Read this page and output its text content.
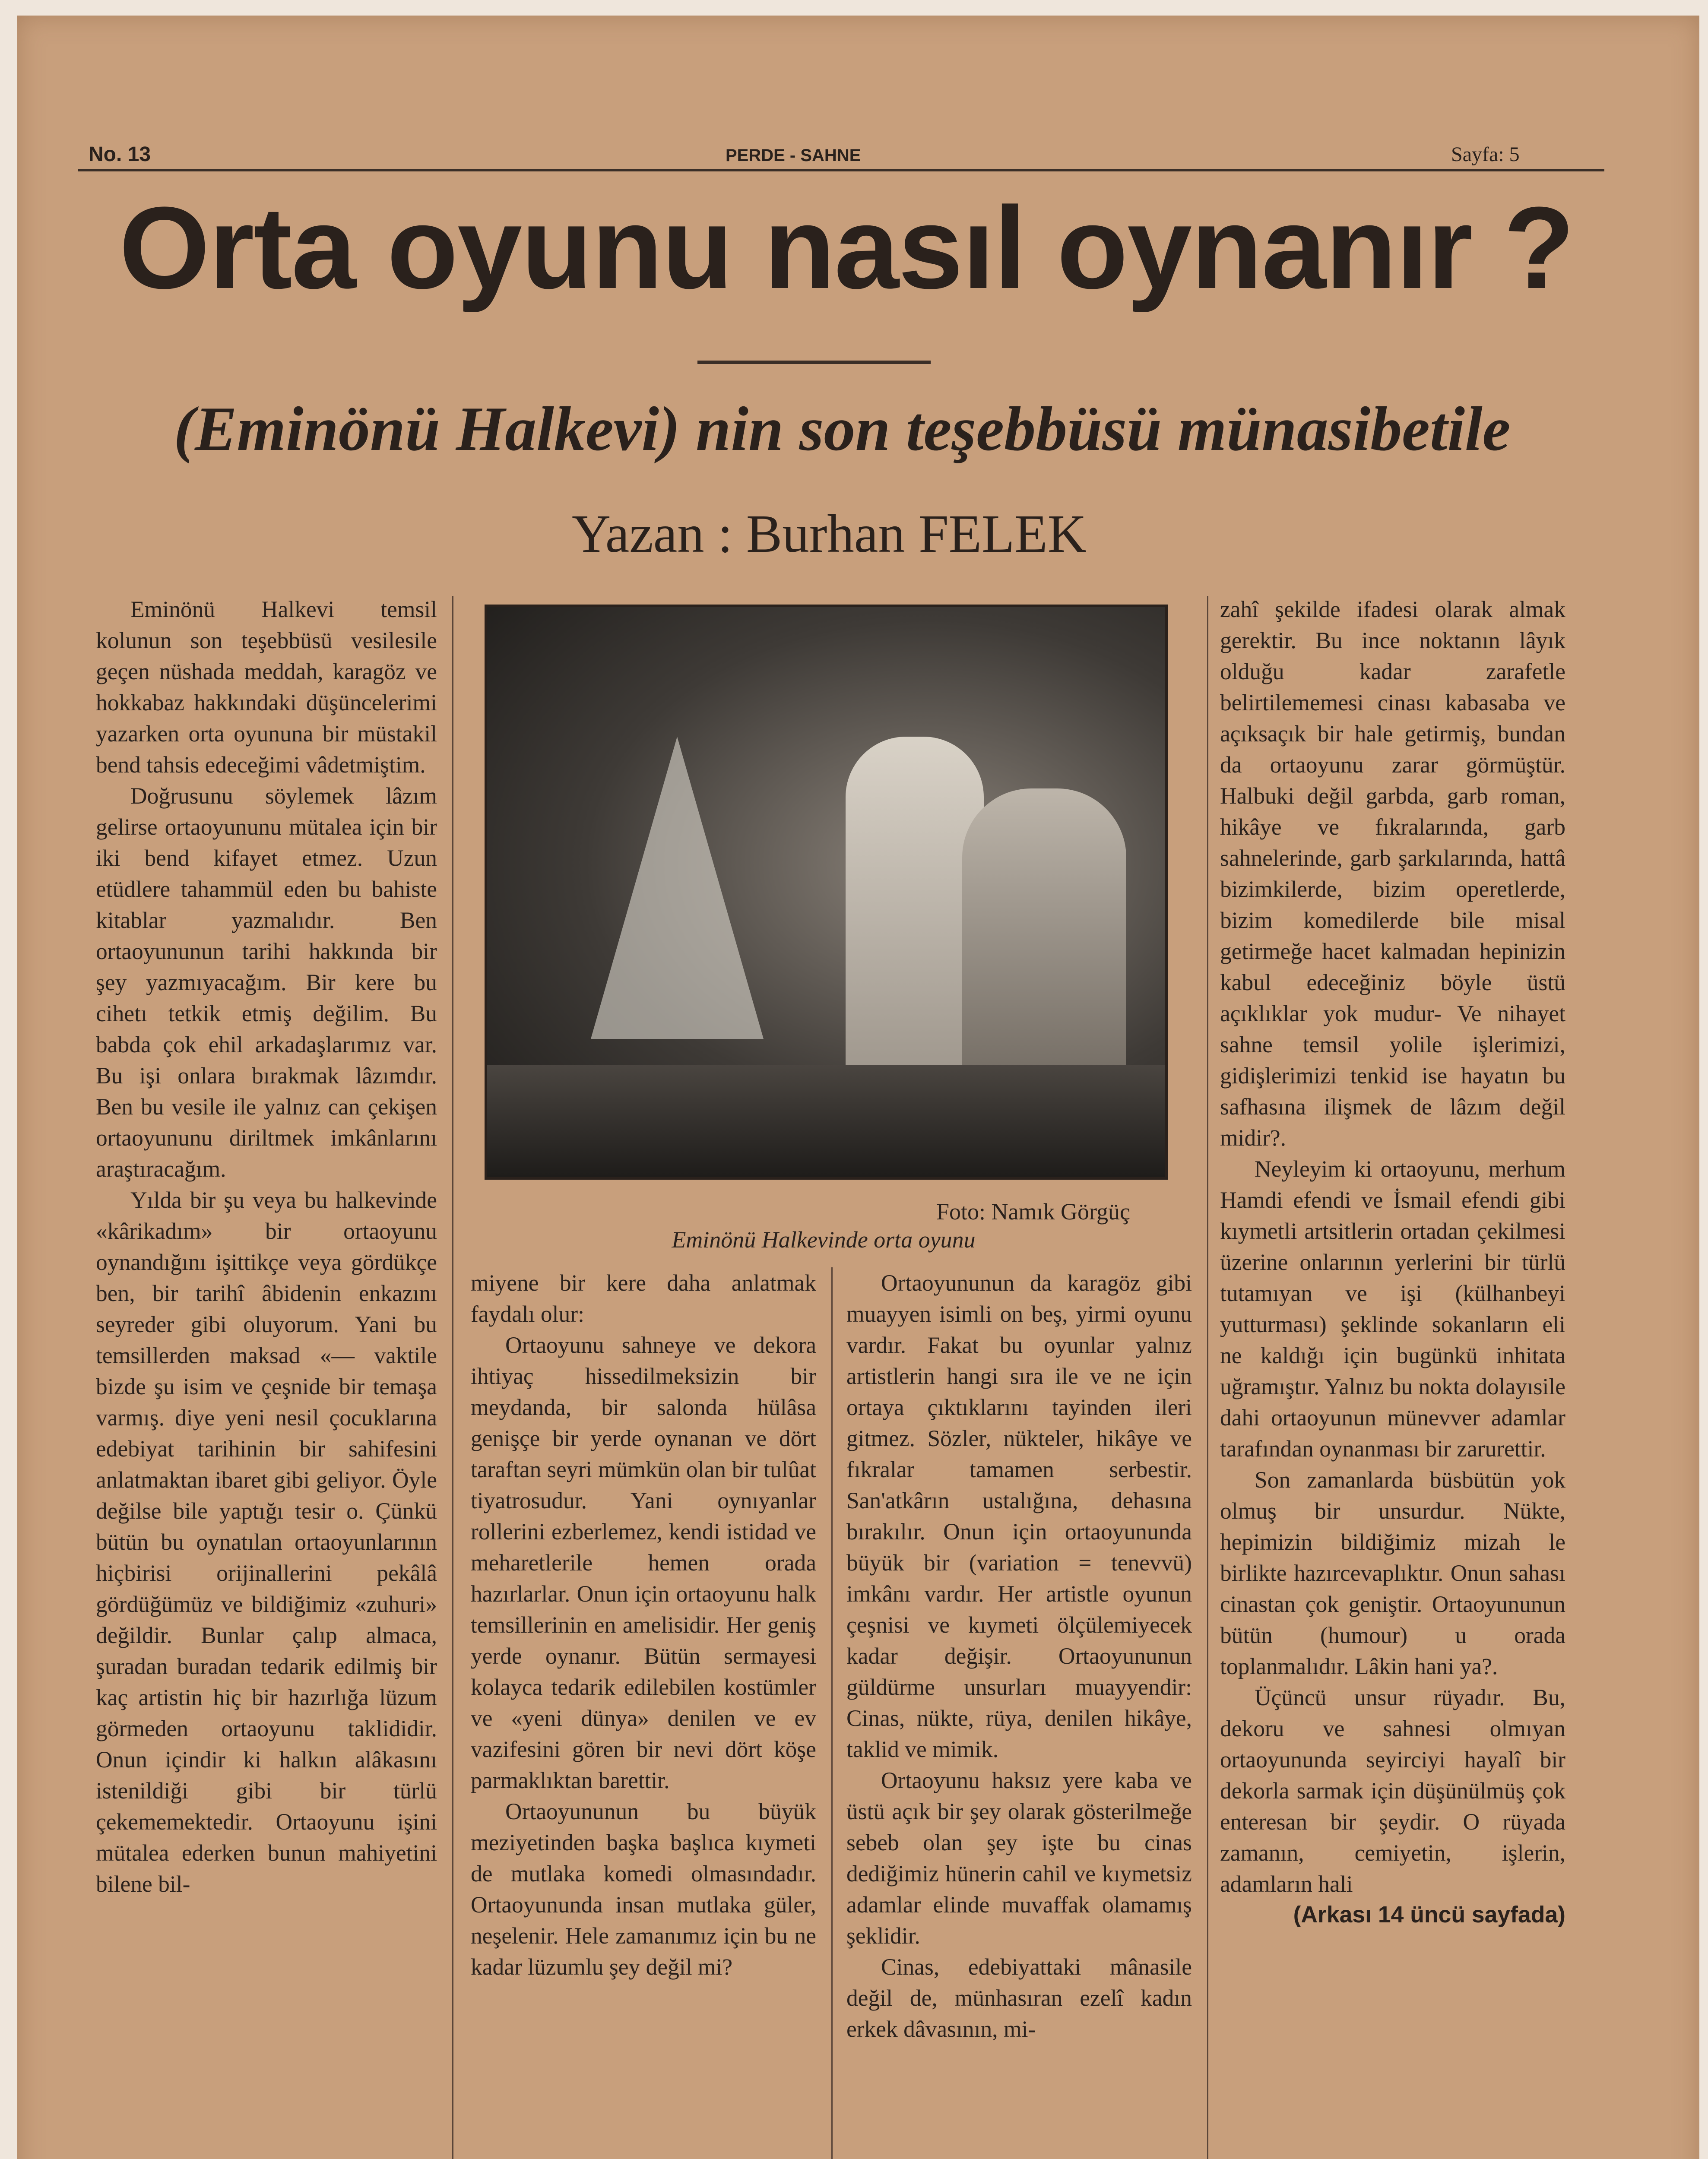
No. 13	PERDE - SAHNE	Sayfa: 5
Orta oyunu nasıl oynanır ?
(Eminönü Halkevi) nin son teşebbüsü münasibetile
Yazan : Burhan FELEK

Eminönü Halkevi temsil kolunun son teşebbüsü vesilesile geçen nüshada meddah, karagöz ve hokkabaz hakkındaki düşüncelerimi yazarken orta oyununa bir müstakil bend tahsis edeceğimi vâdetmiştim.

Doğrusunu söylemek lâzım gelirse ortaoyununu mütalea için bir iki bend kifayet etmez. Uzun etüdlere tahammül eden bu bahiste kitablar yazmalıdır. Ben ortaoyununun tarihi hakkında bir şey yazmıyacağım. Bir kere bu cihetı tetkik etmiş değilim. Bu babda çok ehil arkadaşlarımız var. Bu işi onlara bırakmak lâzımdır. Ben bu vesile ile yalnız can çekişen ortaoyununu diriltmek imkânlarını araştıracağım.

Yılda bir şu veya bu halkevinde «kârikadım» bir ortaoyunu oynandığını işittikçe veya gördükçe ben, bir tarihî âbidenin enkazını seyreder gibi oluyorum. Yani bu temsillerden maksad «— vaktile bizde şu isim ve çeşnide bir temaşa varmış. diye yeni nesil çocuklarına edebiyat tarihinin bir sahifesini anlatmaktan ibaret gibi geliyor. Öyle değilse bile yaptığı tesir o. Çünkü bütün bu oynatılan ortaoyunlarının hiçbirisi orijinallerini pekâlâ gördüğümüz ve bildiğimiz «zuhuri» değildir. Bunlar çalıp almaca, şuradan buradan tedarik edilmiş bir kaç artistin hiç bir hazırlığa lüzum görmeden ortaoyunu taklididir. Onun içindir ki halkın alâkasını istenildiği gibi bir türlü çekememektedir. Ortaoyunu işini mütalea ederken bunun mahiyetini bilene bil-

Foto: Namık Görgüç
Eminönü Halkevinde orta oyunu

miyene bir kere daha anlatmak faydalı olur:

Ortaoyunu sahneye ve dekora ihtiyaç hissedilmeksizin bir meydanda, bir salonda hülâsa genişçe bir yerde oynanan ve dört taraftan seyri mümkün olan bir tulûat tiyatrosudur. Yani oynıyanlar rollerini ezberlemez, kendi istidad ve meharetlerile hemen orada hazırlarlar. Onun için ortaoyunu halk temsillerinin en amelisidir. Her geniş yerde oynanır. Bütün sermayesi kolayca tedarik edilebilen kostümler ve «yeni dünya» denilen ve ev vazifesini gören bir nevi dört köşe parmaklıktan barettir.

Ortaoyununun bu büyük meziyetinden başka başlıca kıymeti de mutlaka komedi olmasındadır. Ortaoyununda insan mutlaka güler, neşelenir. Hele zamanımız için bu ne kadar lüzumlu şey değil mi?

Ortaoyununun da karagöz gibi muayyen isimli on beş, yirmi oyunu vardır. Fakat bu oyunlar yalnız artistlerin hangi sıra ile ve ne için ortaya çıktıklarını tayinden ileri gitmez. Sözler, nükteler, hikâye ve fıkralar tamamen serbestir. San'atkârın ustalığına, dehasına bırakılır. Onun için ortaoyununda büyük bir (variation = tenevvü) imkânı vardır. Her artistle oyunun çeşnisi ve kıymeti ölçülemiyecek kadar değişir. Ortaoyununun güldürme unsurları muayyendir: Cinas, nükte, rüya, denilen hikâye, taklid ve mimik.

Ortaoyunu haksız yere kaba ve üstü açık bir şey olarak gösterilmeğe sebeb olan şey işte bu cinas dediğimiz hünerin cahil ve kıymetsiz adamlar elinde muvaffak olamamış şeklidir.

Cinas, edebiyattaki mânasile değil de, münhasıran ezelî kadın erkek dâvasının, mi-

zahî şekilde ifadesi olarak almak gerektir. Bu ince noktanın lâyık olduğu kadar zarafetle belirtilememesi cinası kabasaba ve açıksaçık bir hale getirmiş, bundan da ortaoyunu zarar görmüştür. Halbuki değil garbda, garb roman, hikâye ve fıkralarında, garb sahnelerinde, garb şarkılarında, hattâ bizimkilerde, bizim operetlerde, bizim komedilerde bile misal getirmeğe hacet kalmadan hepinizin kabul edeceğiniz böyle üstü açıklıklar yok mudur- Ve nihayet sahne temsil yolile işlerimizi, gidişlerimizi tenkid ise hayatın bu safhasına ilişmek de lâzım değil midir?.

Neyleyim ki ortaoyunu, merhum Hamdi efendi ve İsmail efendi gibi kıymetli artsitlerin ortadan çekilmesi üzerine onlarının yerlerini bir türlü tutamıyan ve işi (külhanbeyi yutturması) şeklinde sokanların eli ne kaldığı için bugünkü inhitata uğramıştır. Yalnız bu nokta dolayısile dahi ortaoyunun münevver adamlar tarafından oynanması bir zarurettir.

Son zamanlarda büsbütün yok olmuş bir unsurdur. Nükte, hepimizin bildiğimiz mizah le birlikte hazırcevaplıktır. Onun sahası cinastan çok geniştir. Ortaoyununun bütün (humour) u orada toplanmalıdır. Lâkin hani ya?.

Üçüncü unsur rüyadır. Bu, dekoru ve sahnesi olmıyan ortaoyununda seyirciyi hayalî bir dekorla sarmak için düşünülmüş çok enteresan bir şeydir. O rüyada zamanın, cemiyetin, işlerin, adamların hali

(Arkası 14 üncü sayfada)
